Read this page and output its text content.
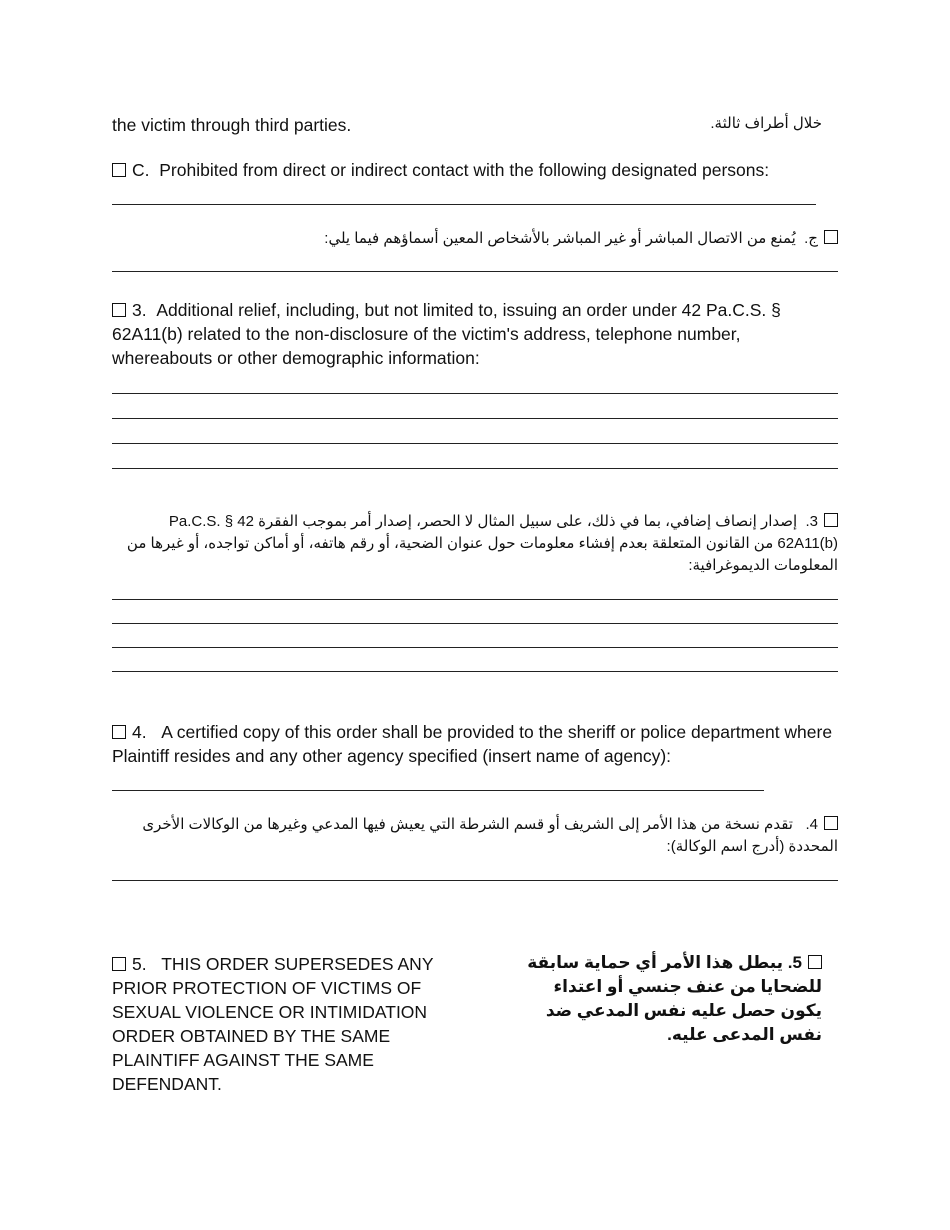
the victim through third parties.	خلال أطراف ثالثة.
C. Prohibited from direct or indirect contact with the following designated persons:
ج.  يُمنع من الاتصال المباشر أو غير المباشر بالأشخاص المعين أسماؤهم فيما يلي:
3. Additional relief, including, but not limited to, issuing an order under 42 Pa.C.S. § 62A11(b) related to the non-disclosure of the victim's address, telephone number, whereabouts or other demographic information:
3.  إصدار إنصاف إضافي، بما في ذلك، على سبيل المثال لا الحصر، إصدار أمر بموجب الفقرة 42 Pa.C.S. § 62A11(b) من القانون المتعلقة بعدم إفشاء معلومات حول عنوان الضحية، أو رقم هاتفه، أو أماكن تواجده، أو غيرها من المعلومات الديموغرافية:
4. A certified copy of this order shall be provided to the sheriff or police department where Plaintiff resides and any other agency specified (insert name of agency):
4.   تقدم نسخة من هذا الأمر إلى الشريف أو قسم الشرطة التي يعيش فيها المدعي وغيرها من الوكالات الأخرى المحددة (أدرج اسم الوكالة):
5. THIS ORDER SUPERSEDES ANY PRIOR PROTECTION OF VICTIMS OF SEXUAL VIOLENCE OR INTIMIDATION ORDER OBTAINED BY THE SAME PLAINTIFF AGAINST THE SAME DEFENDANT.
5. يبطل هذا الأمر أي حماية سابقة للضحايا من عنف جنسي أو اعتداء يكون حصل عليه نفس المدعي ضد نفس المدعى عليه.
